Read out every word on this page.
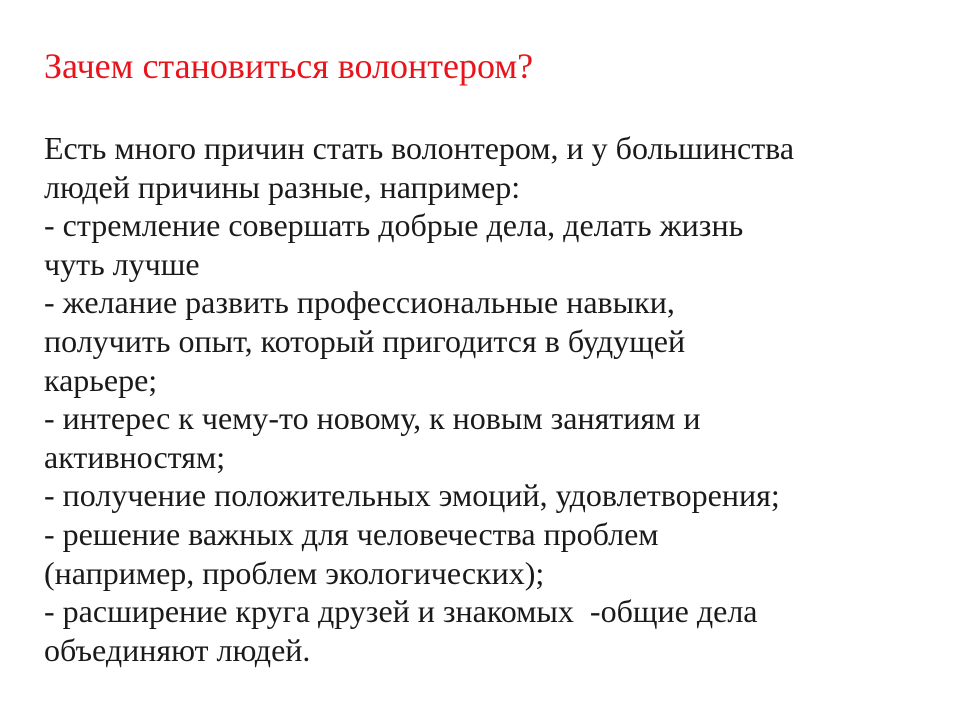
Зачем становиться волонтером?
Есть много причин стать волонтером, и у большинства
людей причины разные, например:
- стремление совершать добрые дела, делать жизнь
чуть лучше
- желание развить профессиональные навыки,
получить опыт, который пригодится в будущей
карьере;
- интерес к чему-то новому, к новым занятиям и
активностям;
- получение положительных эмоций, удовлетворения;
- решение важных для человечества проблем
(например, проблем экологических);
- расширение круга друзей и знакомых  -общие дела
объединяют людей.
